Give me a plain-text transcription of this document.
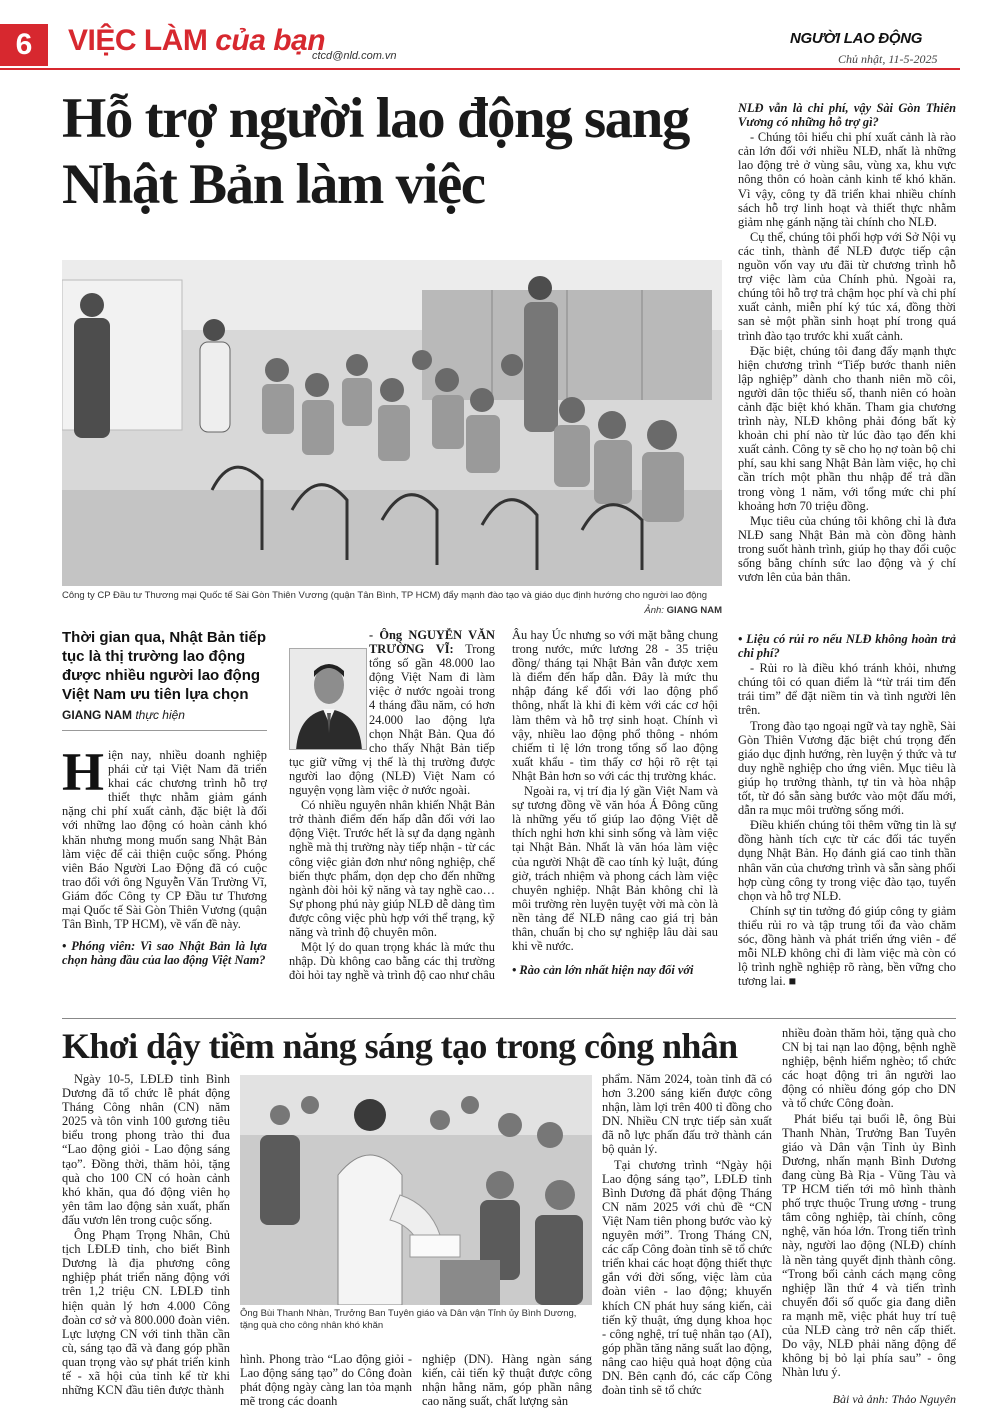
6	VIỆC LÀM của bạn
ctcd@nld.com.vn
NGƯỜI LAO ĐỘNG
Chủ nhật, 11-5-2025
Hỗ trợ người lao động sang Nhật Bản làm việc
Công ty CP Đầu tư Thương mại Quốc tế Sài Gòn Thiên Vương (quận Tân Bình, TP HCM) đẩy mạnh đào tạo và giáo dục định hướng cho người lao động
Ảnh: GIANG NAM
Thời gian qua, Nhật Bản tiếp tục là thị trường lao động được nhiều người lao động Việt Nam ưu tiên lựa chọn
GIANG NAM thực hiện
H iện nay, nhiều doanh nghiệp phái cử tại Việt Nam đã triển khai các chương trình hỗ trợ thiết thực nhằm giảm gánh nặng chi phí xuất cảnh, đặc biệt là đối với những lao động có hoàn cảnh khó khăn nhưng mong muốn sang Nhật Bản làm việc để cải thiện cuộc sống. Phóng viên Báo Người Lao Động đã có cuộc trao đổi với ông Nguyễn Văn Trường Vĩ, Giám đốc Công ty CP Đầu tư Thương mại Quốc tế Sài Gòn Thiên Vương (quận Tân Bình, TP HCM), về vấn đề này.

• Phóng viên: Vì sao Nhật Bản là lựa chọn hàng đầu của lao động Việt Nam?

- Ông NGUYỄN VĂN TRƯỜNG VĨ: Trong tổng số gần 48.000 lao động Việt Nam đi làm việc ở nước ngoài trong 4 tháng đầu năm, có hơn 24.000 lao động lựa chọn Nhật Bản. Qua đó cho thấy Nhật Bản tiếp tục giữ vững vị thế là thị trường được người lao động (NLĐ) Việt Nam có nguyện vọng làm việc ở nước ngoài.

Có nhiều nguyên nhân khiến Nhật Bản trở thành điểm đến hấp dẫn đối với lao động Việt. Trước hết là sự đa dạng ngành nghề mà thị trường này tiếp nhận - từ các công việc giản đơn như nông nghiệp, chế biến thực phẩm, dọn dẹp cho đến những ngành đòi hỏi kỹ năng và tay nghề cao… Sự phong phú này giúp NLĐ dễ dàng tìm được công việc phù hợp với thể trạng, kỹ năng và trình độ chuyên môn.

Một lý do quan trọng khác là mức thu nhập. Dù không cao bằng các thị trường đòi hỏi tay nghề và trình độ cao như châu

Âu hay Úc nhưng so với mặt bằng chung trong nước, mức lương 28 - 35 triệu đồng/ tháng tại Nhật Bản vẫn được xem là điểm đến hấp dẫn. Đây là mức thu nhập đáng kể đối với lao động phổ thông, nhất là khi đi kèm với các cơ hội làm thêm và hỗ trợ sinh hoạt. Chính vì vậy, nhiều lao động phổ thông - nhóm chiếm tỉ lệ lớn trong tổng số lao động xuất khẩu - tìm thấy cơ hội rõ rệt tại Nhật Bản hơn so với các thị trường khác.

Ngoài ra, vị trí địa lý gần Việt Nam và sự tương đồng về văn hóa Á Đông cũng là những yếu tố giúp lao động Việt dễ thích nghi hơn khi sinh sống và làm việc tại Nhật Bản. Nhất là văn hóa làm việc của người Nhật đề cao tính kỷ luật, đúng giờ, trách nhiệm và phong cách làm việc chuyên nghiệp. Nhật Bản không chỉ là môi trường rèn luyện tuyệt vời mà còn là nền tảng để NLĐ nâng cao giá trị bản thân, chuẩn bị cho sự nghiệp lâu dài sau khi về nước.

• Rào cản lớn nhất hiện nay đối với

NLĐ vẫn là chi phí, vậy Sài Gòn Thiên Vương có những hỗ trợ gì?

- Chúng tôi hiểu chi phí xuất cảnh là rào cản lớn đối với nhiều NLĐ, nhất là những lao động trẻ ở vùng sâu, vùng xa, khu vực nông thôn có hoàn cảnh kinh tế khó khăn. Vì vậy, công ty đã triển khai nhiều chính sách hỗ trợ linh hoạt và thiết thực nhằm giảm nhẹ gánh nặng tài chính cho NLĐ.

Cụ thể, chúng tôi phối hợp với Sở Nội vụ các tỉnh, thành để NLĐ được tiếp cận nguồn vốn vay ưu đãi từ chương trình hỗ trợ việc làm của Chính phủ. Ngoài ra, chúng tôi hỗ trợ trả chậm học phí và chi phí xuất cảnh, miễn phí ký túc xá, đồng thời san sẻ một phần sinh hoạt phí trong quá trình đào tạo trước khi xuất cảnh.

Đặc biệt, chúng tôi đang đẩy mạnh thực hiện chương trình “Tiếp bước thanh niên lập nghiệp” dành cho thanh niên mồ côi, người dân tộc thiểu số, thanh niên có hoàn cảnh đặc biệt khó khăn. Tham gia chương trình này, NLĐ không phải đóng bất kỳ khoản chi phí nào từ lúc đào tạo đến khi xuất cảnh. Công ty sẽ cho họ nợ toàn bộ chi phí, sau khi sang Nhật Bản làm việc, họ chỉ cần trích một phần thu nhập để trả dần trong vòng 1 năm, với tổng mức chi phí khoảng hơn 70 triệu đồng.

Mục tiêu của chúng tôi không chỉ là đưa NLĐ sang Nhật Bản mà còn đồng hành trong suốt hành trình, giúp họ thay đổi cuộc sống bằng chính sức lao động và ý chí vươn lên của bản thân.

• Liệu có rủi ro nếu NLĐ không hoàn trả chi phí?

- Rủi ro là điều khó tránh khỏi, nhưng chúng tôi có quan điểm là “từ trái tim đến trái tim” để đặt niềm tin và tình người lên trên.

Trong đào tạo ngoại ngữ và tay nghề, Sài Gòn Thiên Vương đặc biệt chú trọng đến giáo dục định hướng, rèn luyện ý thức và tư duy nghề nghiệp cho ứng viên. Mục tiêu là giúp họ trưởng thành, tự tin và hòa nhập tốt, từ đó sẵn sàng bước vào một đấu mới, dẫn ra mục môi trường sống mới.

Điều khiến chúng tôi thêm vững tin là sự đồng hành tích cực từ các đối tác tuyển dụng Nhật Bản. Họ đánh giá cao tinh thần nhân văn của chương trình và sẵn sàng phối hợp cùng công ty trong việc đào tạo, tuyển chọn và hỗ trợ NLĐ.

Chính sự tin tưởng đó giúp công ty giảm thiểu rủi ro và tập trung tối đa vào chăm sóc, đồng hành và phát triển ứng viên - để mỗi NLĐ không chỉ đi làm việc mà còn có lộ trình nghề nghiệp rõ ràng, bền vững cho tương lai. ■

Khơi dậy tiềm năng sáng tạo trong công nhân

Ngày 10-5, LĐLĐ tỉnh Bình Dương đã tổ chức lễ phát động Tháng Công nhân (CN) năm 2025 và tôn vinh 100 gương tiêu biểu trong phong trào thi đua “Lao động giỏi - Lao động sáng tạo”. Đồng thời, thăm hỏi, tặng quà cho 100 CN có hoàn cảnh khó khăn, qua đó động viên họ yên tâm lao động sản xuất, phấn đấu vươn lên trong cuộc sống.

Ông Phạm Trọng Nhân, Chủ tịch LĐLĐ tỉnh, cho biết Bình Dương là địa phương công nghiệp phát triển năng động với trên 1,2 triệu CN. LĐLĐ tỉnh hiện quản lý hơn 4.000 Công đoàn cơ sở và 800.000 đoàn viên. Lực lượng CN với tinh thần cần cù, sáng tạo đã và đang góp phần quan trọng vào sự phát triển kinh tế - xã hội của tỉnh kể từ khi những KCN đầu tiên được thành

Ông Bùi Thanh Nhàn, Trưởng Ban Tuyên giáo và Dân vận Tỉnh ủy Bình Dương, tặng quà cho công nhân khó khăn

hình. Phong trào “Lao động giỏi - Lao động sáng tạo” do Công đoàn phát động ngày càng lan tỏa mạnh mẽ trong các doanh

nghiệp (DN). Hàng ngàn sáng kiến, cải tiến kỹ thuật được công nhận hằng năm, góp phần nâng cao năng suất, chất lượng sản

phẩm. Năm 2024, toàn tỉnh đã có hơn 3.200 sáng kiến được công nhận, làm lợi trên 400 tỉ đồng cho DN. Nhiều CN trực tiếp sản xuất đã nỗ lực phấn đấu trở thành cán bộ quản lý.

Tại chương trình “Ngày hội Lao động sáng tạo”, LĐLĐ tỉnh Bình Dương đã phát động Tháng CN năm 2025 với chủ đề “CN Việt Nam tiên phong bước vào kỷ nguyên mới”. Trong Tháng CN, các cấp Công đoàn tỉnh sẽ tổ chức triển khai các hoạt động thiết thực gắn với đời sống, việc làm của đoàn viên - lao động; khuyến khích CN phát huy sáng kiến, cải tiến kỹ thuật, ứng dụng khoa học - công nghệ, trí tuệ nhân tạo (AI), góp phần tăng năng suất lao động, nâng cao hiệu quả hoạt động của DN. Bên cạnh đó, các cấp Công đoàn tỉnh sẽ tổ chức

nhiều đoàn thăm hỏi, tặng quà cho CN bị tai nạn lao động, bệnh nghề nghiệp, bệnh hiểm nghèo; tổ chức các hoạt động tri ân người lao động có nhiều đóng góp cho DN và tổ chức Công đoàn.

Phát biểu tại buổi lễ, ông Bùi Thanh Nhàn, Trưởng Ban Tuyên giáo và Dân vận Tỉnh ủy Bình Dương, nhấn mạnh Bình Dương đang cùng Bà Rịa - Vũng Tàu và TP HCM tiến tới mô hình thành phố trực thuộc Trung ương - trung tâm công nghiệp, tài chính, công nghệ, văn hóa lớn. Trong tiến trình này, người lao động (NLĐ) chính là nền tảng quyết định thành công. “Trong bối cảnh cách mạng công nghiệp lần thứ 4 và tiến trình chuyển đổi số quốc gia đang diễn ra mạnh mẽ, việc phát huy trí tuệ của NLĐ càng trở nên cấp thiết. Do vậy, NLĐ phải năng động để không bị bỏ lại phía sau” - ông Nhàn lưu ý.

Bài và ảnh: Thảo Nguyên
